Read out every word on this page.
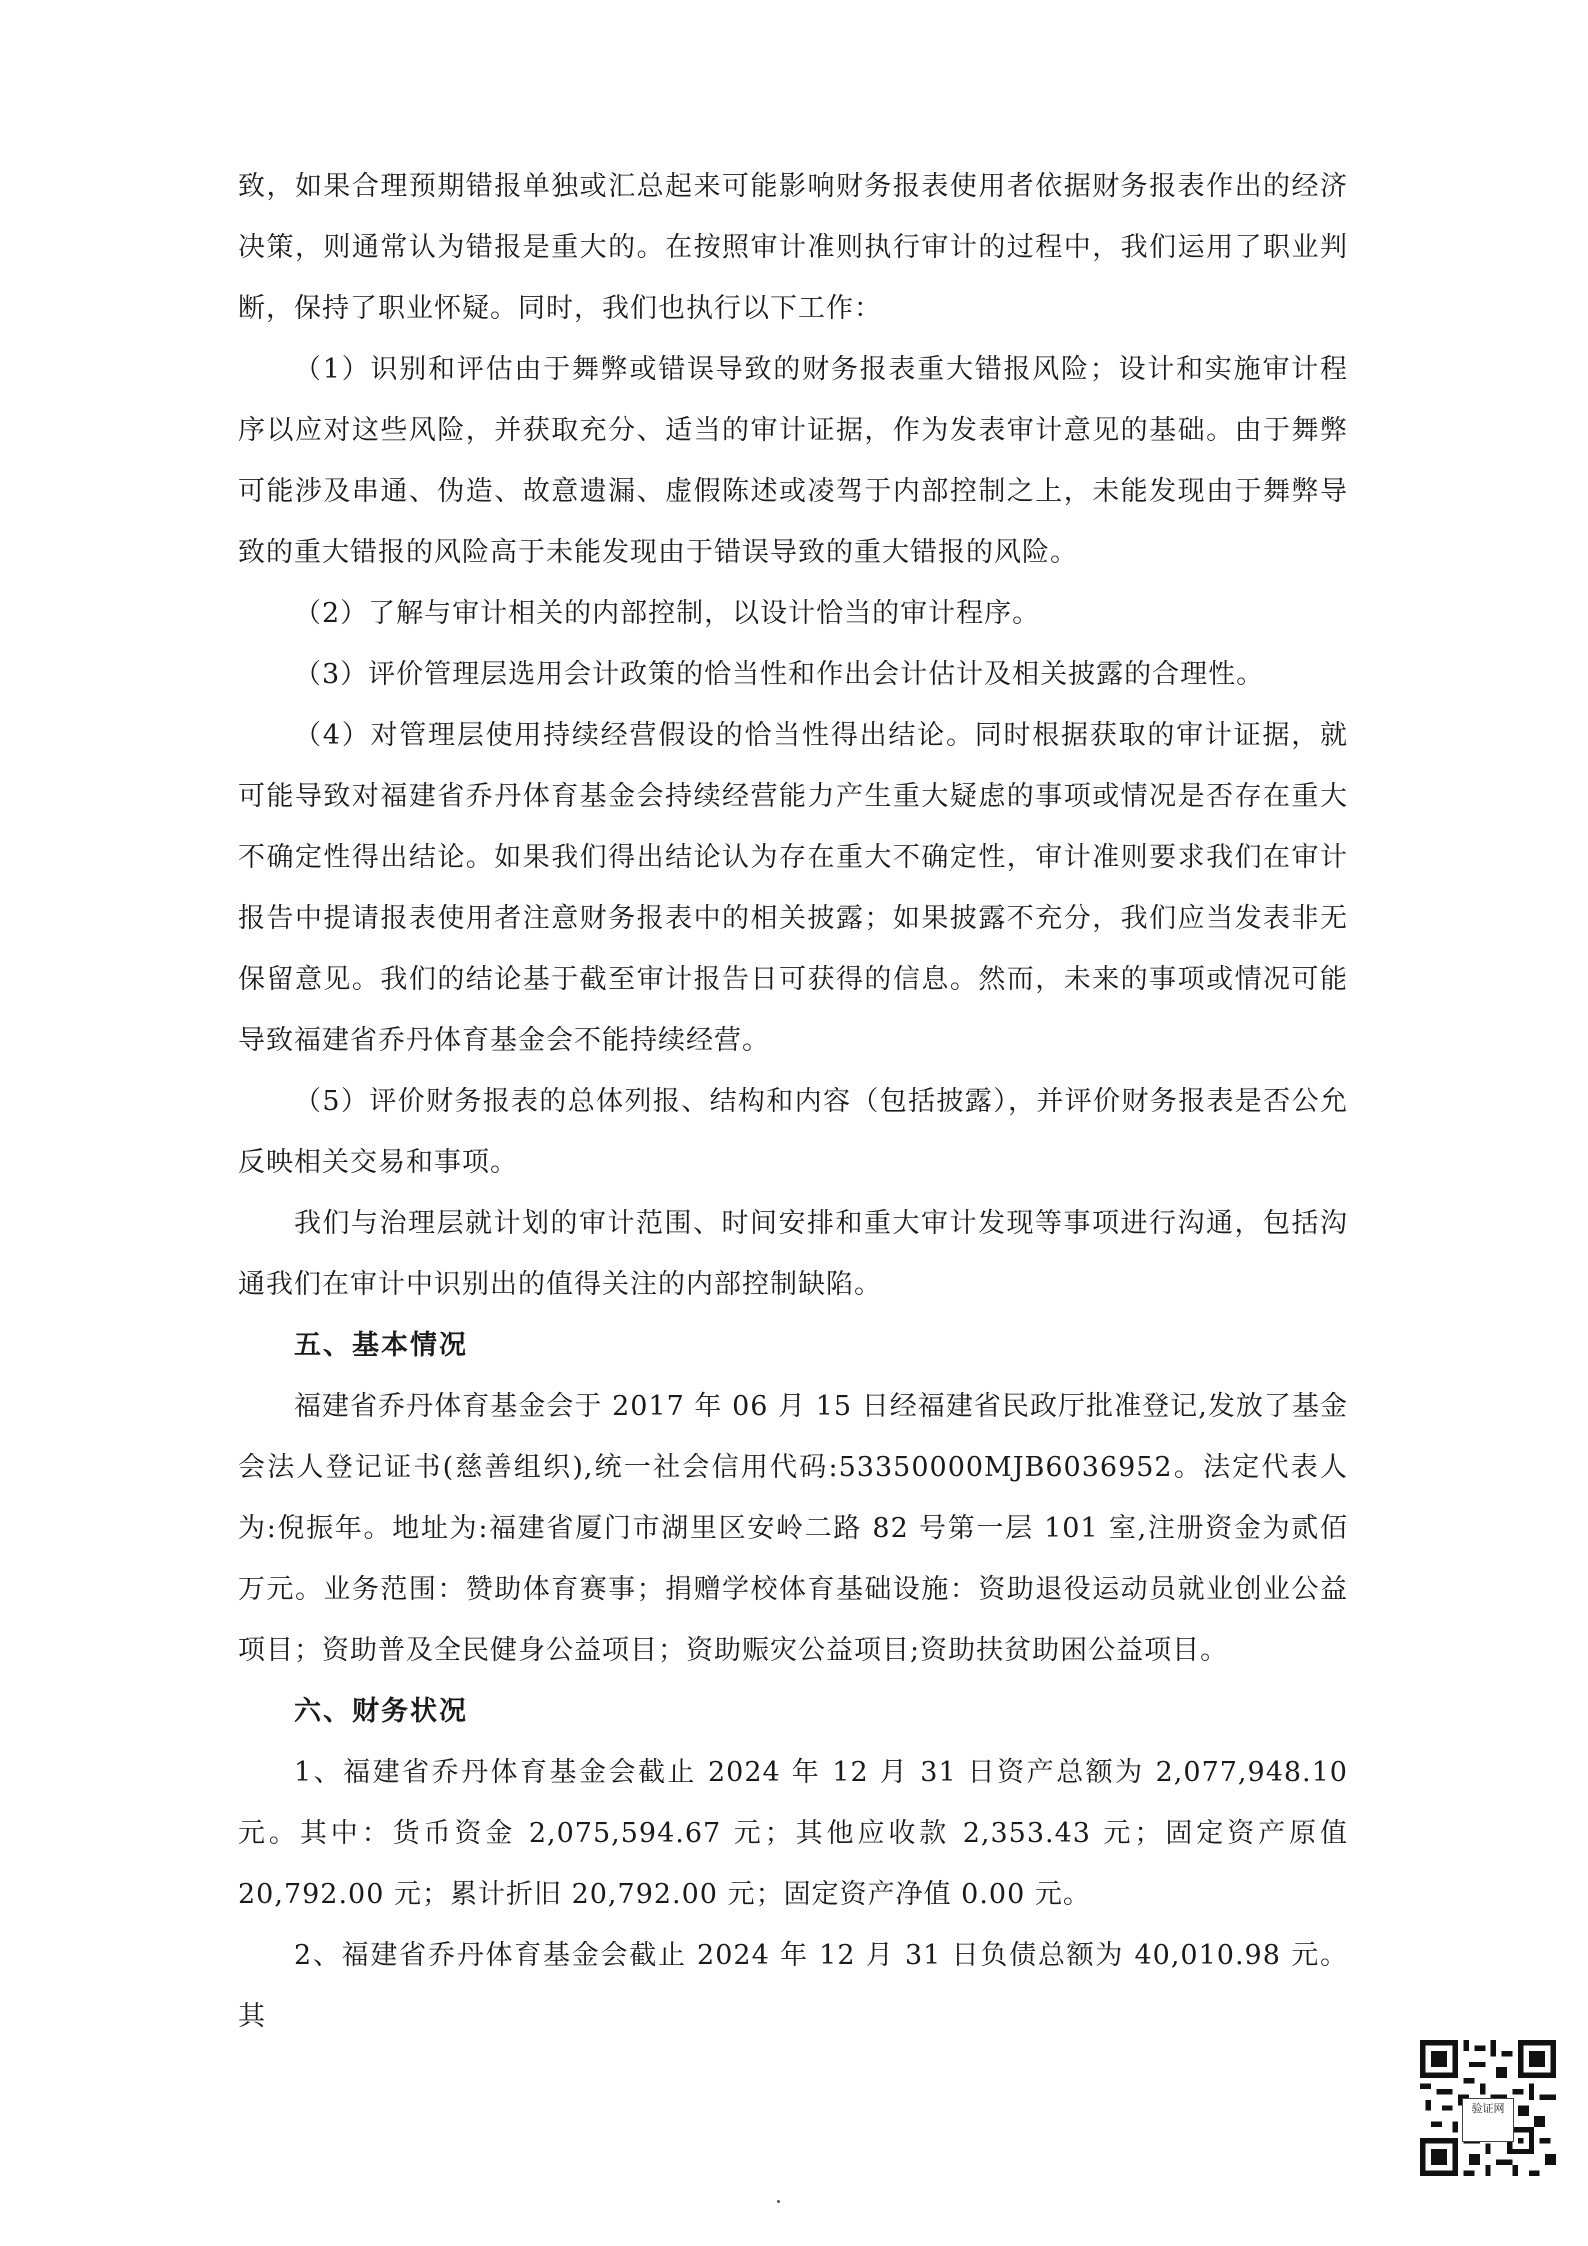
致，如果合理预期错报单独或汇总起来可能影响财务报表使用者依据财务报表作出的经济决策，则通常认为错报是重大的。在按照审计准则执行审计的过程中，我们运用了职业判断，保持了职业怀疑。同时，我们也执行以下工作：

（1）识别和评估由于舞弊或错误导致的财务报表重大错报风险；设计和实施审计程序以应对这些风险，并获取充分、适当的审计证据，作为发表审计意见的基础。由于舞弊可能涉及串通、伪造、故意遗漏、虚假陈述或凌驾于内部控制之上，未能发现由于舞弊导致的重大错报的风险高于未能发现由于错误导致的重大错报的风险。

（2）了解与审计相关的内部控制，以设计恰当的审计程序。

（3）评价管理层选用会计政策的恰当性和作出会计估计及相关披露的合理性。

（4）对管理层使用持续经营假设的恰当性得出结论。同时根据获取的审计证据，就可能导致对福建省乔丹体育基金会持续经营能力产生重大疑虑的事项或情况是否存在重大不确定性得出结论。如果我们得出结论认为存在重大不确定性，审计准则要求我们在审计报告中提请报表使用者注意财务报表中的相关披露；如果披露不充分，我们应当发表非无保留意见。我们的结论基于截至审计报告日可获得的信息。然而，未来的事项或情况可能导致福建省乔丹体育基金会不能持续经营。

（5）评价财务报表的总体列报、结构和内容（包括披露），并评价财务报表是否公允反映相关交易和事项。

我们与治理层就计划的审计范围、时间安排和重大审计发现等事项进行沟通，包括沟通我们在审计中识别出的值得关注的内部控制缺陷。

五、基本情况

福建省乔丹体育基金会于 2017 年 06 月 15 日经福建省民政厅批准登记,发放了基金会法人登记证书(慈善组织),统一社会信用代码:53350000MJB6036952。法定代表人为:倪振年。地址为:福建省厦门市湖里区安岭二路 82 号第一层 101 室,注册资金为贰佰万元。业务范围：赞助体育赛事；捐赠学校体育基础设施：资助退役运动员就业创业公益项目；资助普及全民健身公益项目；资助赈灾公益项目;资助扶贫助困公益项目。

六、财务状况

1、福建省乔丹体育基金会截止 2024 年 12 月 31 日资产总额为 2,077,948.10 元。其中：货币资金 2,075,594.67 元；其他应收款 2,353.43 元；固定资产原值 20,792.00 元；累计折旧 20,792.00 元；固定资产净值 0.00 元。

2、福建省乔丹体育基金会截止 2024 年 12 月 31 日负债总额为 40,010.98 元。其

验证网
